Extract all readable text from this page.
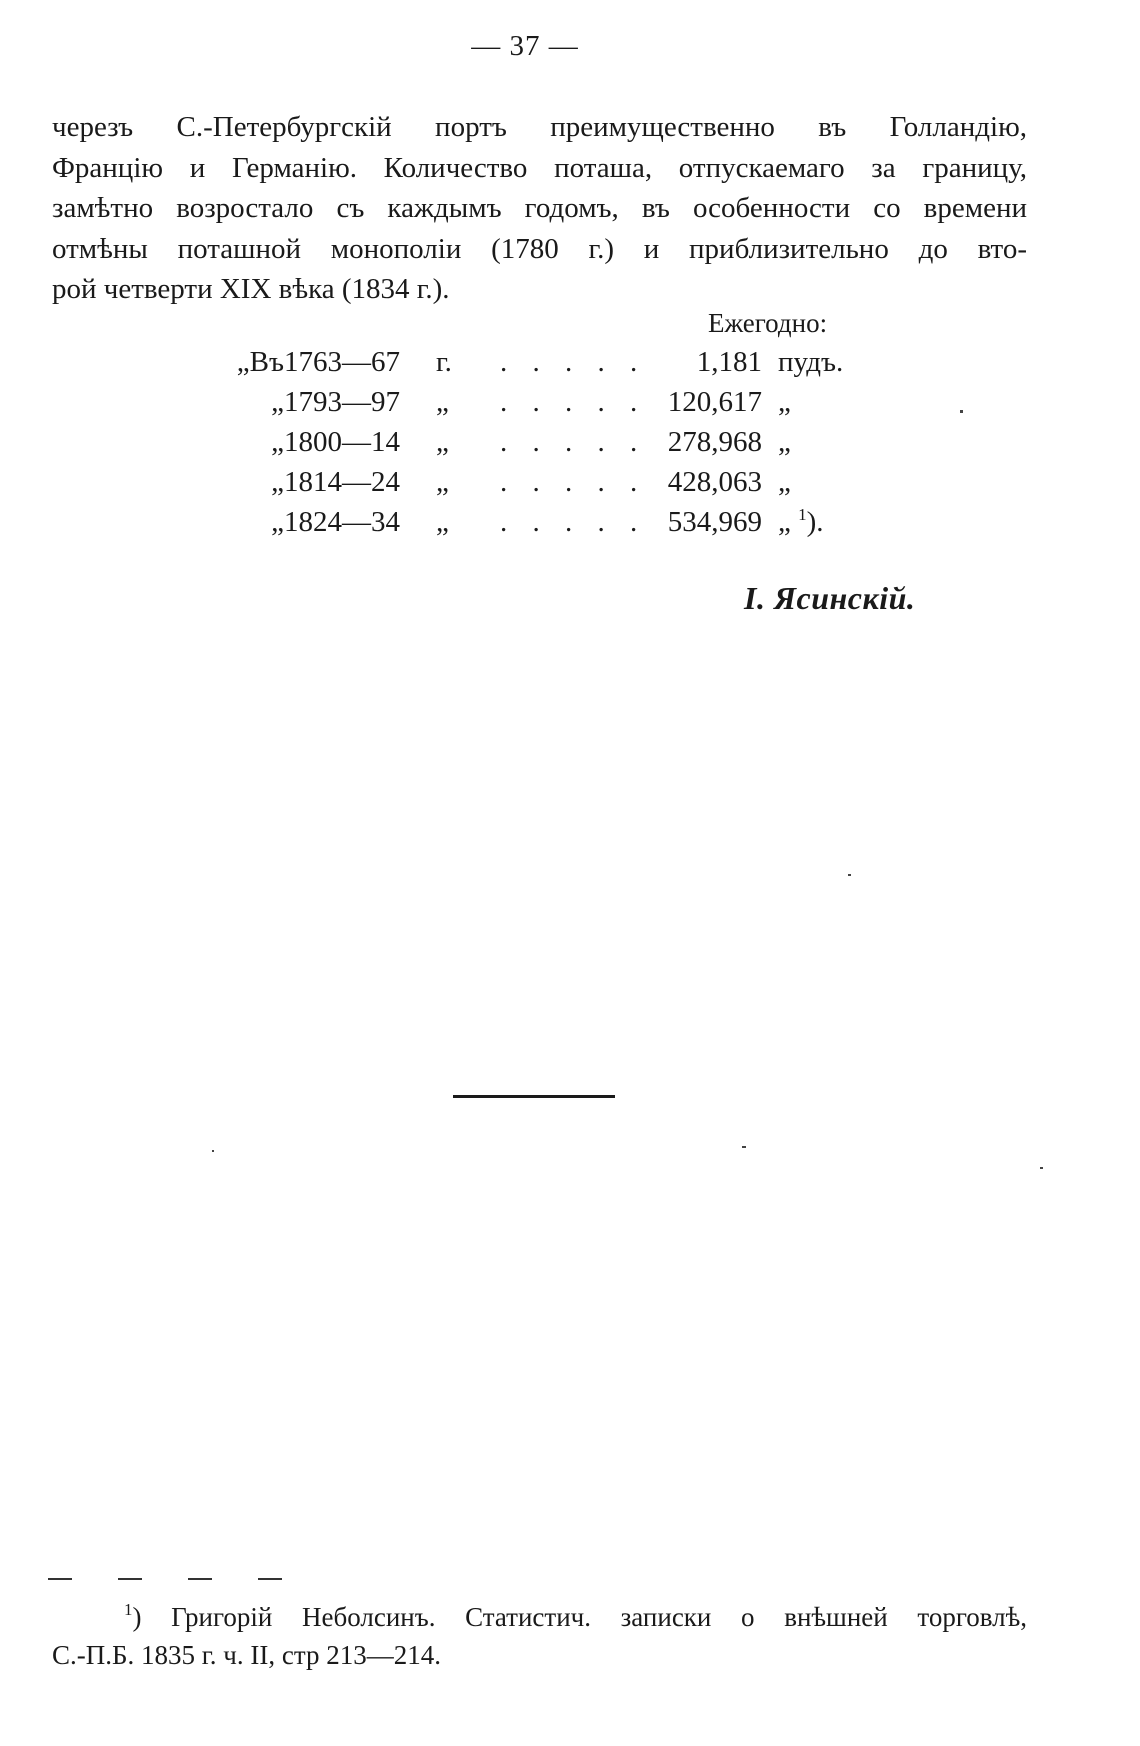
— 37 —
черезъ С.-Петербургскій портъ преимущественно въ Голландію,
Францію и Германію. Количество поташа, отпускаемаго за границу,
замѣтно возростало съ каждымъ годомъ, въ особенности со времени
отмѣны поташной монополіи (1780 г.) и приблизительно до вто-
рой четверти XIX вѣка (1834 г.).
Ежегодно:
„Въ 1763—67 г. . . . . .	1,181 пудъ.
„ 1793—97 „ . . . . . 120,617 „
„ 1800—14 „ . . . . . 278,968 „
„ 1814—24 „ . . . . . 428,063 „
„ 1824—34 „ . . . . . 534,969 „ $^1$).
І. Ясинскій.
$^1$) Григорій Неболсинъ. Статистич. записки о внѣшней торговлѣ,
С.-П.Б. 1835 г. ч. II, стр 213—214.
